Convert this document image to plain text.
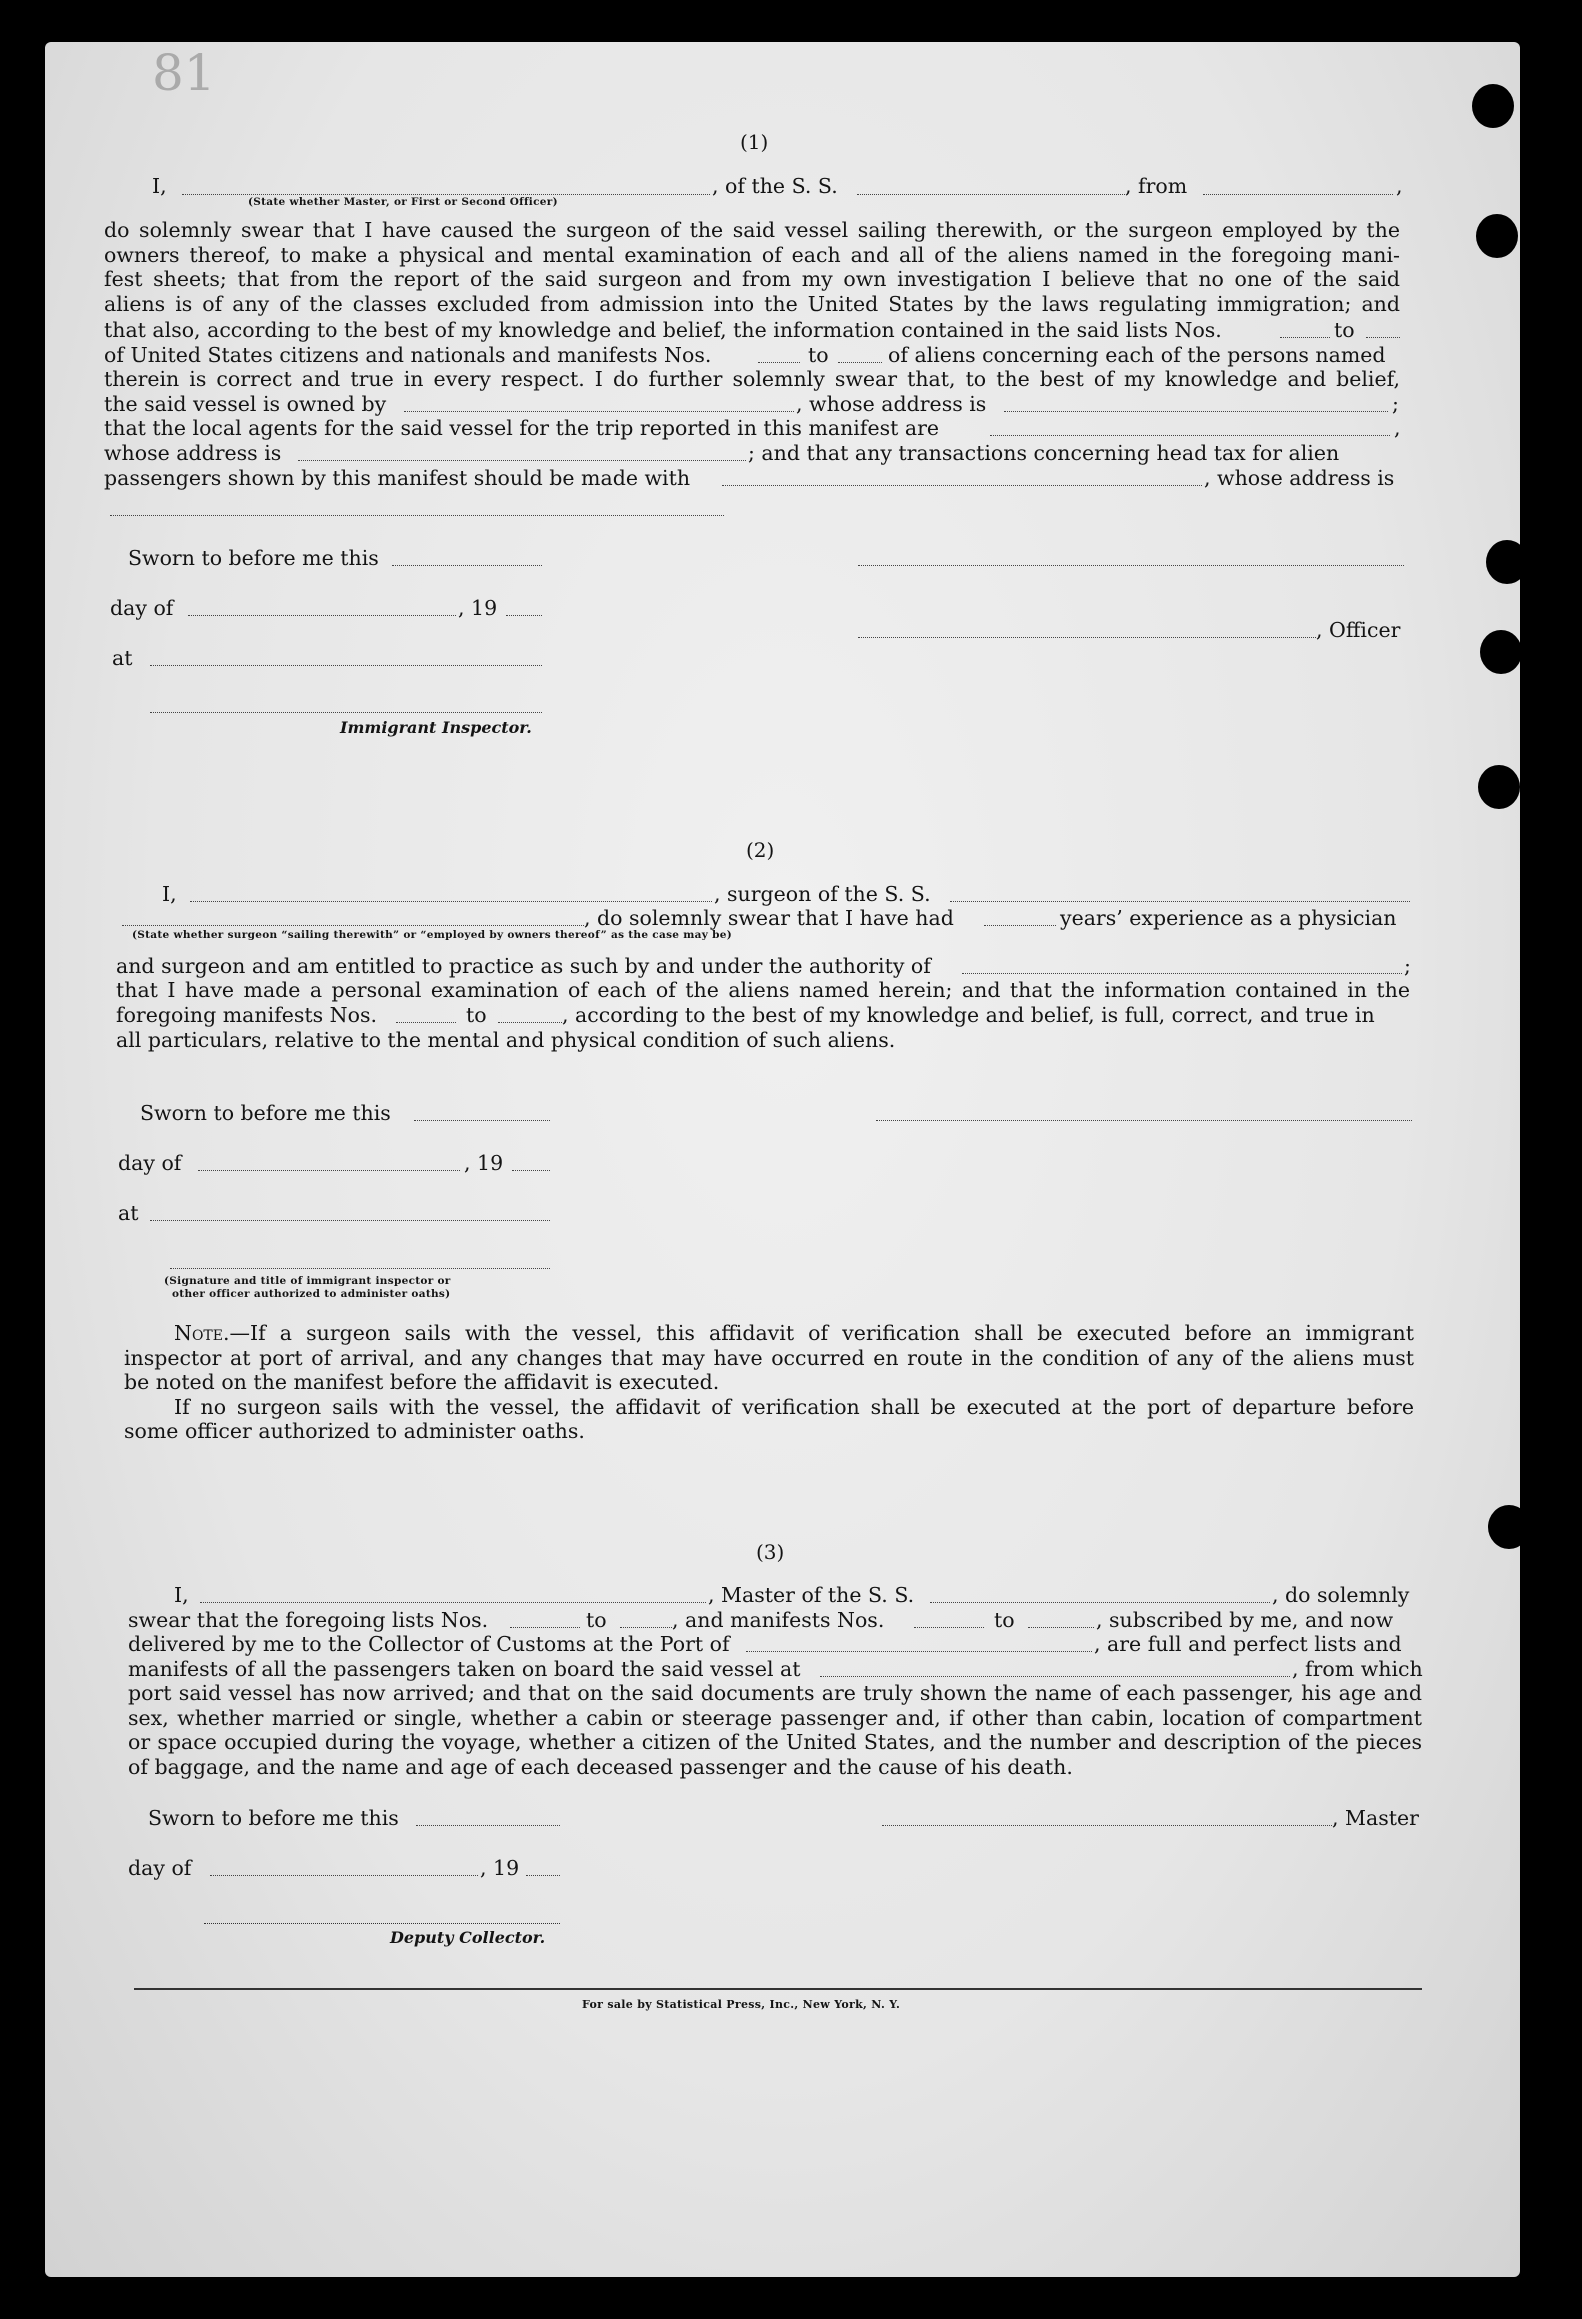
81
(1)
I,	, of the S. S.	, from	,
(State whether Master, or First or Second Officer)
do solemnly swear that I have caused the surgeon of the said vessel sailing therewith, or the surgeon employed by the
owners thereof, to make a physical and mental examination of each and all of the aliens named in the foregoing mani-
fest sheets; that from the report of the said surgeon and from my own investigation I believe that no one of the said
aliens is of any of the classes excluded from admission into the United States by the laws regulating immigration; and
that also, according to the best of my knowledge and belief, the information contained in the said lists Nos.	to
of United States citizens and nationals and manifests Nos.	to	of aliens concerning each of the persons named
therein is correct and true in every respect. I do further solemnly swear that, to the best of my knowledge and belief,
the said vessel is owned by	, whose address is	;
that the local agents for the said vessel for the trip reported in this manifest are	,
whose address is	; and that any transactions concerning head tax for alien
passengers shown by this manifest should be made with	, whose address is
Sworn to before me this
day of	, 19
, Officer
at
Immigrant Inspector.
(2)
I,	, surgeon of the S. S.
, do solemnly swear that I have had	years’ experience as a physician
(State whether surgeon “sailing therewith” or “employed by owners thereof” as the case may be)
and surgeon and am entitled to practice as such by and under the authority of	;
that I have made a personal examination of each of the aliens named herein; and that the information contained in the
foregoing manifests Nos.	to	, according to the best of my knowledge and belief, is full, correct, and true in
all particulars, relative to the mental and physical condition of such aliens.
Sworn to before me this
day of	, 19
at
(Signature and title of immigrant inspector or
other officer authorized to administer oaths)
Note.—If a surgeon sails with the vessel, this affidavit of verification shall be executed before an immigrant
inspector at port of arrival, and any changes that may have occurred en route in the condition of any of the aliens must
be noted on the manifest before the affidavit is executed.
If no surgeon sails with the vessel, the affidavit of verification shall be executed at the port of departure before
some officer authorized to administer oaths.
(3)
I,	, Master of the S. S.	, do solemnly
swear that the foregoing lists Nos.	to	, and manifests Nos.	to	, subscribed by me, and now
delivered by me to the Collector of Customs at the Port of	, are full and perfect lists and
manifests of all the passengers taken on board the said vessel at	, from which
port said vessel has now arrived; and that on the said documents are truly shown the name of each passenger, his age and
sex, whether married or single, whether a cabin or steerage passenger and, if other than cabin, location of compartment
or space occupied during the voyage, whether a citizen of the United States, and the number and description of the pieces
of baggage, and the name and age of each deceased passenger and the cause of his death.
Sworn to before me this	, Master
day of	, 19
Deputy Collector.
For sale by Statistical Press, Inc., New York, N. Y.
